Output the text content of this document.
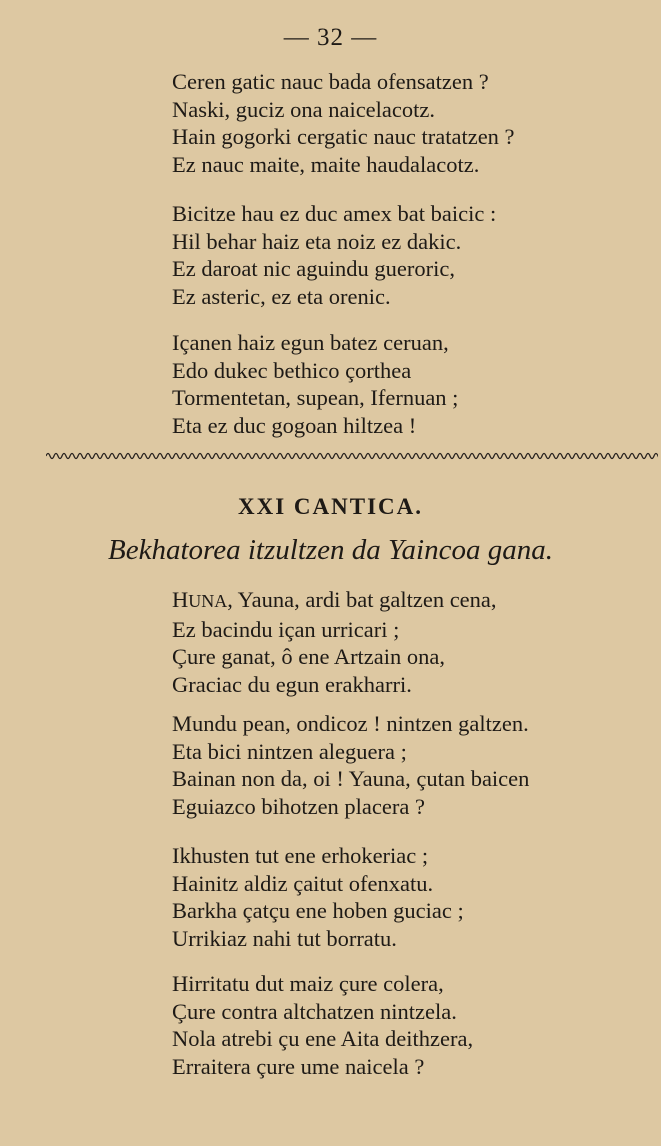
— 32 —
Ceren gatic nauc bada ofensatzen ?
Naski, guciz ona naicelacotz.
Hain gogorki cergatic nauc tratatzen ?
Ez nauc maite, maite haudalacotz.
Bicitze hau ez duc amex bat baicic :
Hil behar haiz eta noiz ez dakic.
Ez daroat nic aguindu gueroric,
Ez asteric, ez eta orenic.
Içanen haiz egun batez ceruan,
Edo dukec bethico çorthea
Tormentetan, supean, Ifernuan ;
Eta ez duc gogoan hiltzea !
XXI CANTICA.
Bekhatorea itzultzen da Yaincoa gana.
HUNA, Yauna, ardi bat galtzen cena,
Ez bacindu içan urricari ;
Çure ganat, ô ene Artzain ona,
Graciac du egun erakharri.
Mundu pean, ondicoz ! nintzen galtzen.
Eta bici nintzen aleguera ;
Bainan non da, oi ! Yauna, çutan baicen
Eguiazco bihotzen placera ?
Ikhusten tut ene erhokeriac ;
Hainitz aldiz çaitut ofenxatu.
Barkha çatçu ene hoben guciac ;
Urrikiaz nahi tut borratu.
Hirritatu dut maiz çure colera,
Çure contra altchatzen nintzela.
Nola atrebi çu ene Aita deithzera,
Erraitera çure ume naicela ?
